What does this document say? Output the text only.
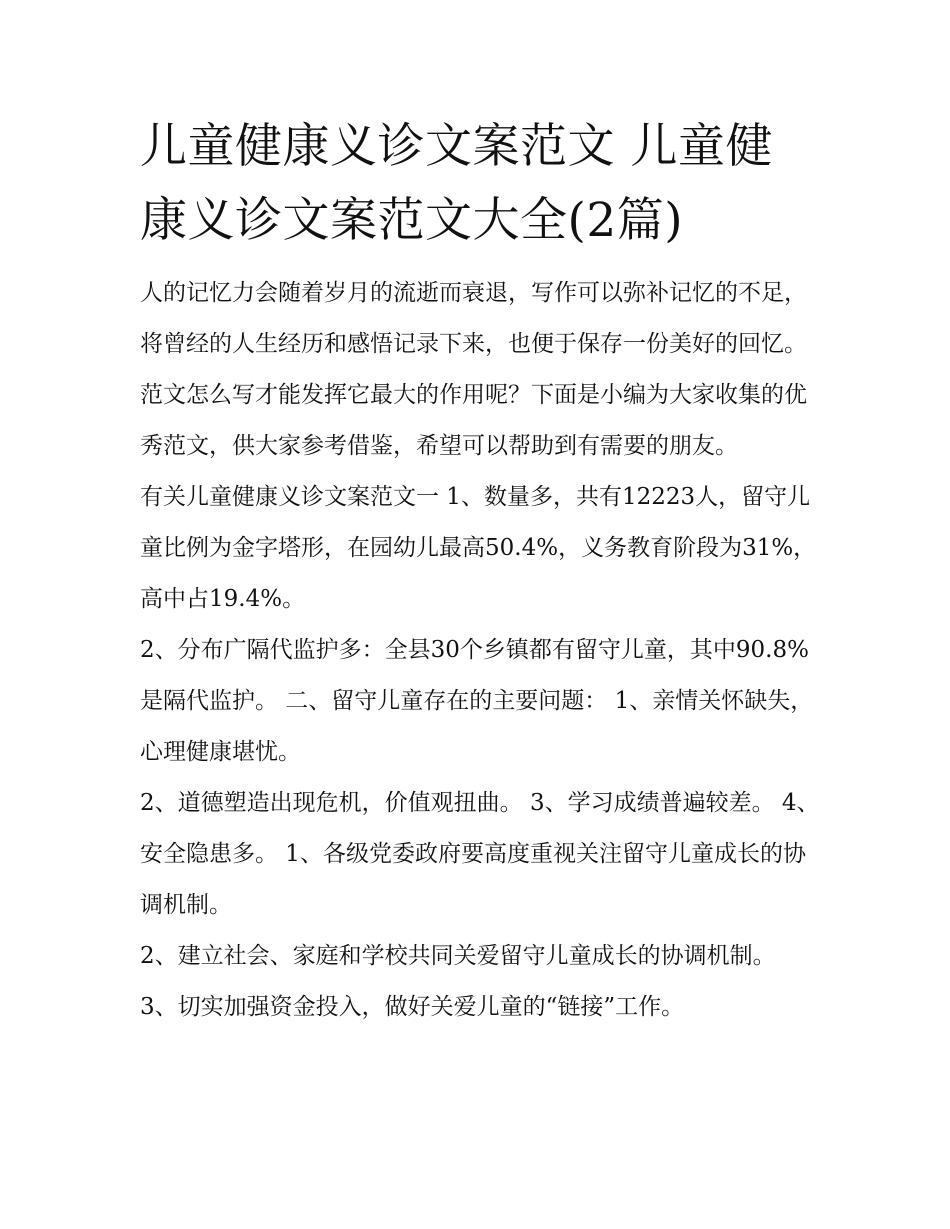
儿童健康义诊文案范文 儿童健康义诊文案范文大全(2篇)

人的记忆力会随着岁月的流逝而衰退，写作可以弥补记忆的不足，将曾经的人生经历和感悟记录下来，也便于保存一份美好的回忆。范文怎么写才能发挥它最大的作用呢？下面是小编为大家收集的优秀范文，供大家参考借鉴，希望可以帮助到有需要的朋友。

有关儿童健康义诊文案范文一 1、数量多，共有12223人，留守儿童比例为金字塔形，在园幼儿最高50.4%，义务教育阶段为31%，高中占19.4%。

2、分布广隔代监护多：全县30个乡镇都有留守儿童，其中90.8%是隔代监护。 二、留守儿童存在的主要问题： 1、亲情关怀缺失，心理健康堪忧。

2、道德塑造出现危机，价值观扭曲。 3、学习成绩普遍较差。 4、安全隐患多。 1、各级党委政府要高度重视关注留守儿童成长的协调机制。

2、建立社会、家庭和学校共同关爱留守儿童成长的协调机制。 3、切实加强资金投入，做好关爱儿童的“链接”工作。
